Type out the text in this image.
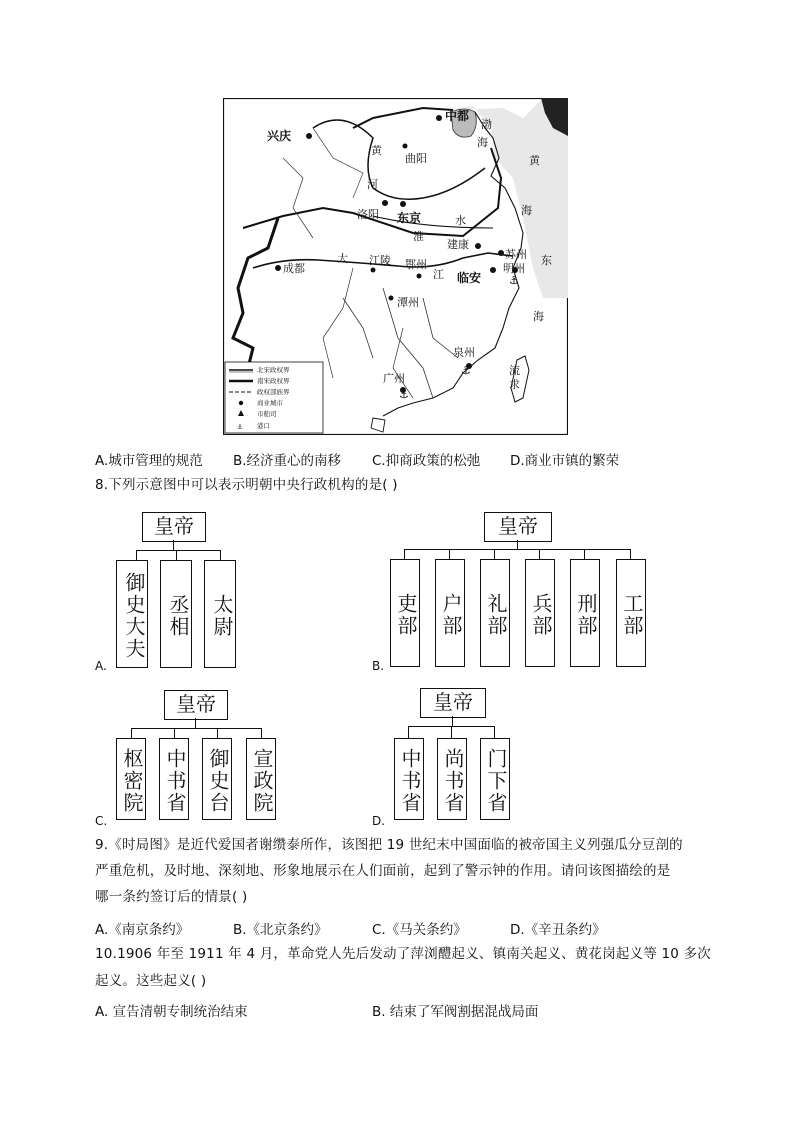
⚓
⚓
⚓
中都
兴庆
渤
海
黄
海
东
海
曲阳
黄
河
洛阳 东京	水
淮
建康
苏州
明州
临安
成都
大 江陵 鄂州
江
潭州
泉州
广州
流
求
北宋政权界
南宋政权界
政权部族界
商业城市
市舶司
⚓ 港口
A.城市管理的规范 B.经济重心的南移 C.抑商政策的松弛 D.商业市镇的繁荣
8.下列示意图中可以表示明朝中央行政机构的是( )
皇帝
御史大夫	丞相	太尉
A.
皇帝
吏部 户部 礼部 兵部 刑部 工部
B.
皇帝
枢密院 中书省 御史台 宣政院
C.
皇帝
中书省 尚书省 门下省
D.
9.《时局图》是近代爱国者谢缵泰所作，该图把 19 世纪末中国面临的被帝国主义列强瓜分豆剖的
严重危机，及时地、深刻地、形象地展示在人们面前，起到了警示钟的作用。请问该图描绘的是
哪一条约签订后的情景( )
A.《南京条约》	B.《北京条约》	C.《马关条约》	D.《辛丑条约》
10.1906 年至 1911 年 4 月，革命党人先后发动了萍浏醴起义、镇南关起义、黄花岗起义等 10 多次
起义。这些起义( )
A. 宣告清朝专制统治结束	B. 结束了军阀割据混战局面
